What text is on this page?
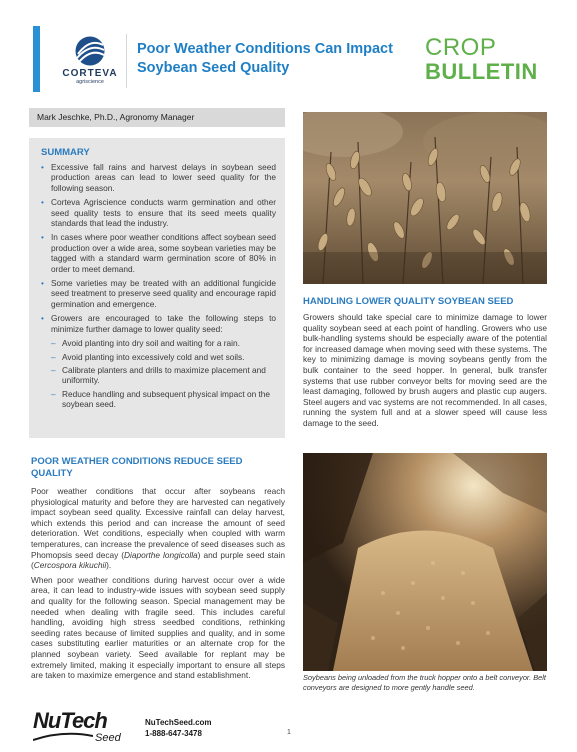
CORTEVA
agriscience
Poor Weather Conditions Can Impact Soybean Seed Quality
CROP
BULLETIN
Mark Jeschke, Ph.D., Agronomy Manager
SUMMARY
• Excessive fall rains and harvest delays in soybean seed production areas can lead to lower seed quality for the following season.
• Corteva Agriscience conducts warm germination and other seed quality tests to ensure that its seed meets quality standards that lead the industry.
• In cases where poor weather conditions affect soybean seed production over a wide area, some soybean varieties may be tagged with a standard warm germination score of 80% in order to meet demand.
• Some varieties may be treated with an additional fungicide seed treatment to preserve seed quality and encourage rapid germination and emergence.
• Growers are encouraged to take the following steps to minimize further damage to lower quality seed:
– Avoid planting into dry soil and waiting for a rain.
– Avoid planting into excessively cold and wet soils.
– Calibrate planters and drills to maximize placement and uniformity.
– Reduce handling and subsequent physical impact on the soybean seed.
POOR WEATHER CONDITIONS REDUCE SEED QUALITY

Poor weather conditions that occur after soybeans reach physiological maturity and before they are harvested can negatively impact soybean seed quality. Excessive rainfall can delay harvest, which extends this period and can increase the amount of seed deterioration. Wet conditions, especially when coupled with warm temperatures, can increase the prevalence of seed diseases such as Phomopsis seed decay (Diaporthe longicolla) and purple seed stain (Cercospora kikuchii).

When poor weather conditions during harvest occur over a wide area, it can lead to industry-wide issues with soybean seed supply and quality for the following season. Special management may be needed when dealing with fragile seed. This includes careful handling, avoiding high stress seedbed conditions, rethinking seeding rates because of limited supplies and quality, and in some cases substituting earlier maturities or an alternate crop for the planned soybean variety. Seed available for replant may be extremely limited, making it especially important to ensure all steps are taken to maximize emergence and stand establishment.

HANDLING LOWER QUALITY SOYBEAN SEED

Growers should take special care to minimize damage to lower quality soybean seed at each point of handling. Growers who use bulk-handling systems should be especially aware of the potential for increased damage when moving seed with these systems. The key to minimizing damage is moving soybeans gently from the bulk container to the seed hopper. In general, bulk transfer systems that use rubber conveyor belts for moving seed are the least damaging, followed by brush augers and plastic cup augers. Steel augers and vac systems are not recommended. In all cases, running the system full and at a slower speed will cause less damage to the seed.

Soybeans being unloaded from the truck hopper onto a belt conveyor. Belt conveyors are designed to more gently handle seed.
NuTech
Seed
NuTechSeed.com
1-888-647-3478	1
